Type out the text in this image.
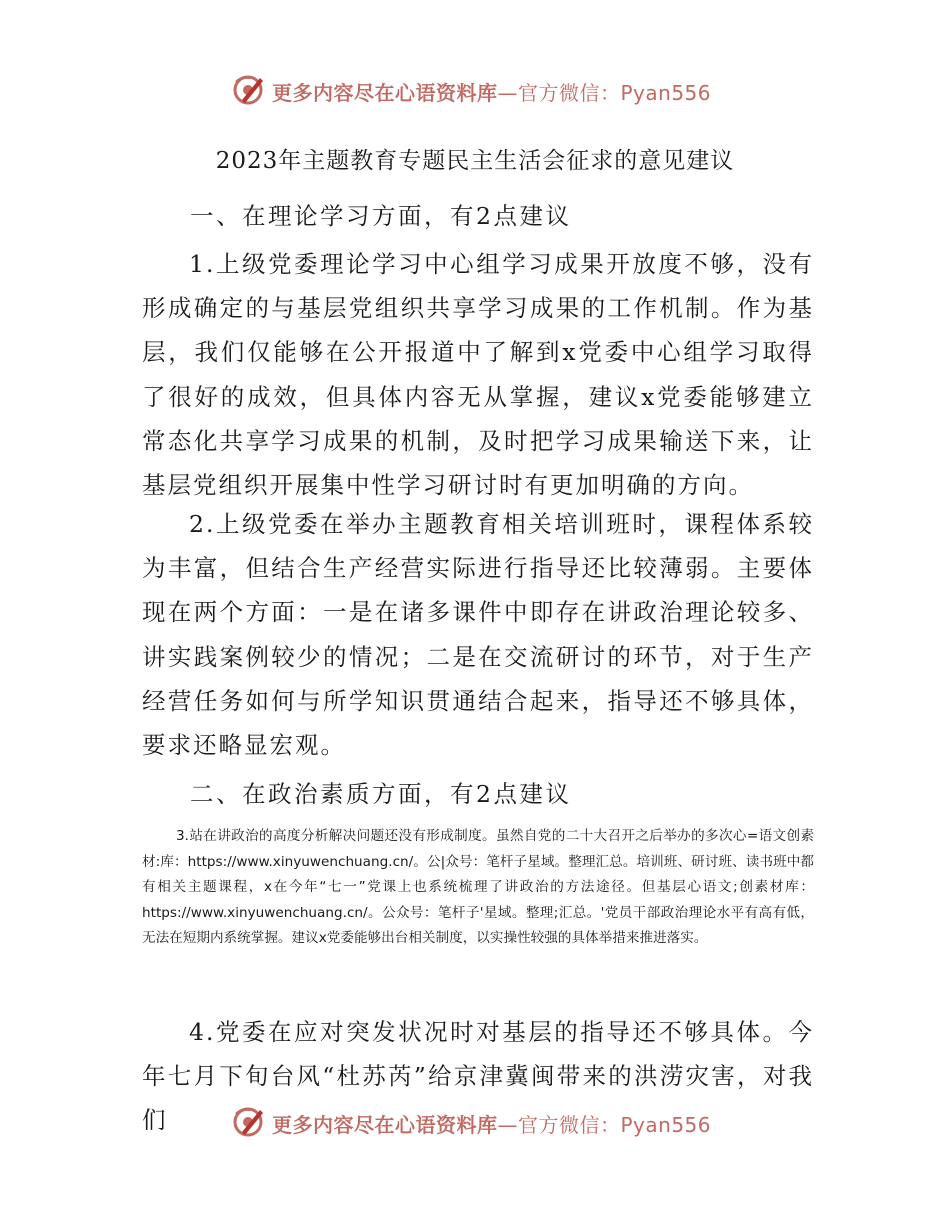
更多内容尽在心语资料库—官方微信：Pyan556
2023年主题教育专题民主生活会征求的意见建议
一、在理论学习方面，有2点建议

1.上级党委理论学习中心组学习成果开放度不够，没有形成确定的与基层党组织共享学习成果的工作机制。作为基层，我们仅能够在公开报道中了解到x党委中心组学习取得了很好的成效，但具体内容无从掌握，建议x党委能够建立常态化共享学习成果的机制，及时把学习成果输送下来，让基层党组织开展集中性学习研讨时有更加明确的方向。

2.上级党委在举办主题教育相关培训班时，课程体系较为丰富，但结合生产经营实际进行指导还比较薄弱。主要体现在两个方面：一是在诸多课件中即存在讲政治理论较多、讲实践案例较少的情况；二是在交流研讨的环节，对于生产经营任务如何与所学知识贯通结合起来，指导还不够具体，要求还略显宏观。

二、在政治素质方面，有2点建议

3.站在讲政治的高度分析解决问题还没有形成制度。虽然自党的二十大召开之后举办的多次心=语文创素材:库：https://www.xinyuwenchuang.cn/。公|众号：笔杆子星域。整理汇总。培训班、研讨班、读书班中都有相关主题课程，x在今年“七一”党课上也系统梳理了讲政治的方法途径。但基层心语文;创素材库：https://www.xinyuwenchuang.cn/。公众号：笔杆子'星域。整理;汇总。'党员干部政治理论水平有高有低，无法在短期内系统掌握。建议x党委能够出台相关制度，以实操性较强的具体举措来推进落实。

4.党委在应对突发状况时对基层的指导还不够具体。今年七月下旬台风“杜苏芮”给京津冀闽带来的洪涝灾害，对我们	更多内容尽在心语资料库—官方微信：Pyan556
